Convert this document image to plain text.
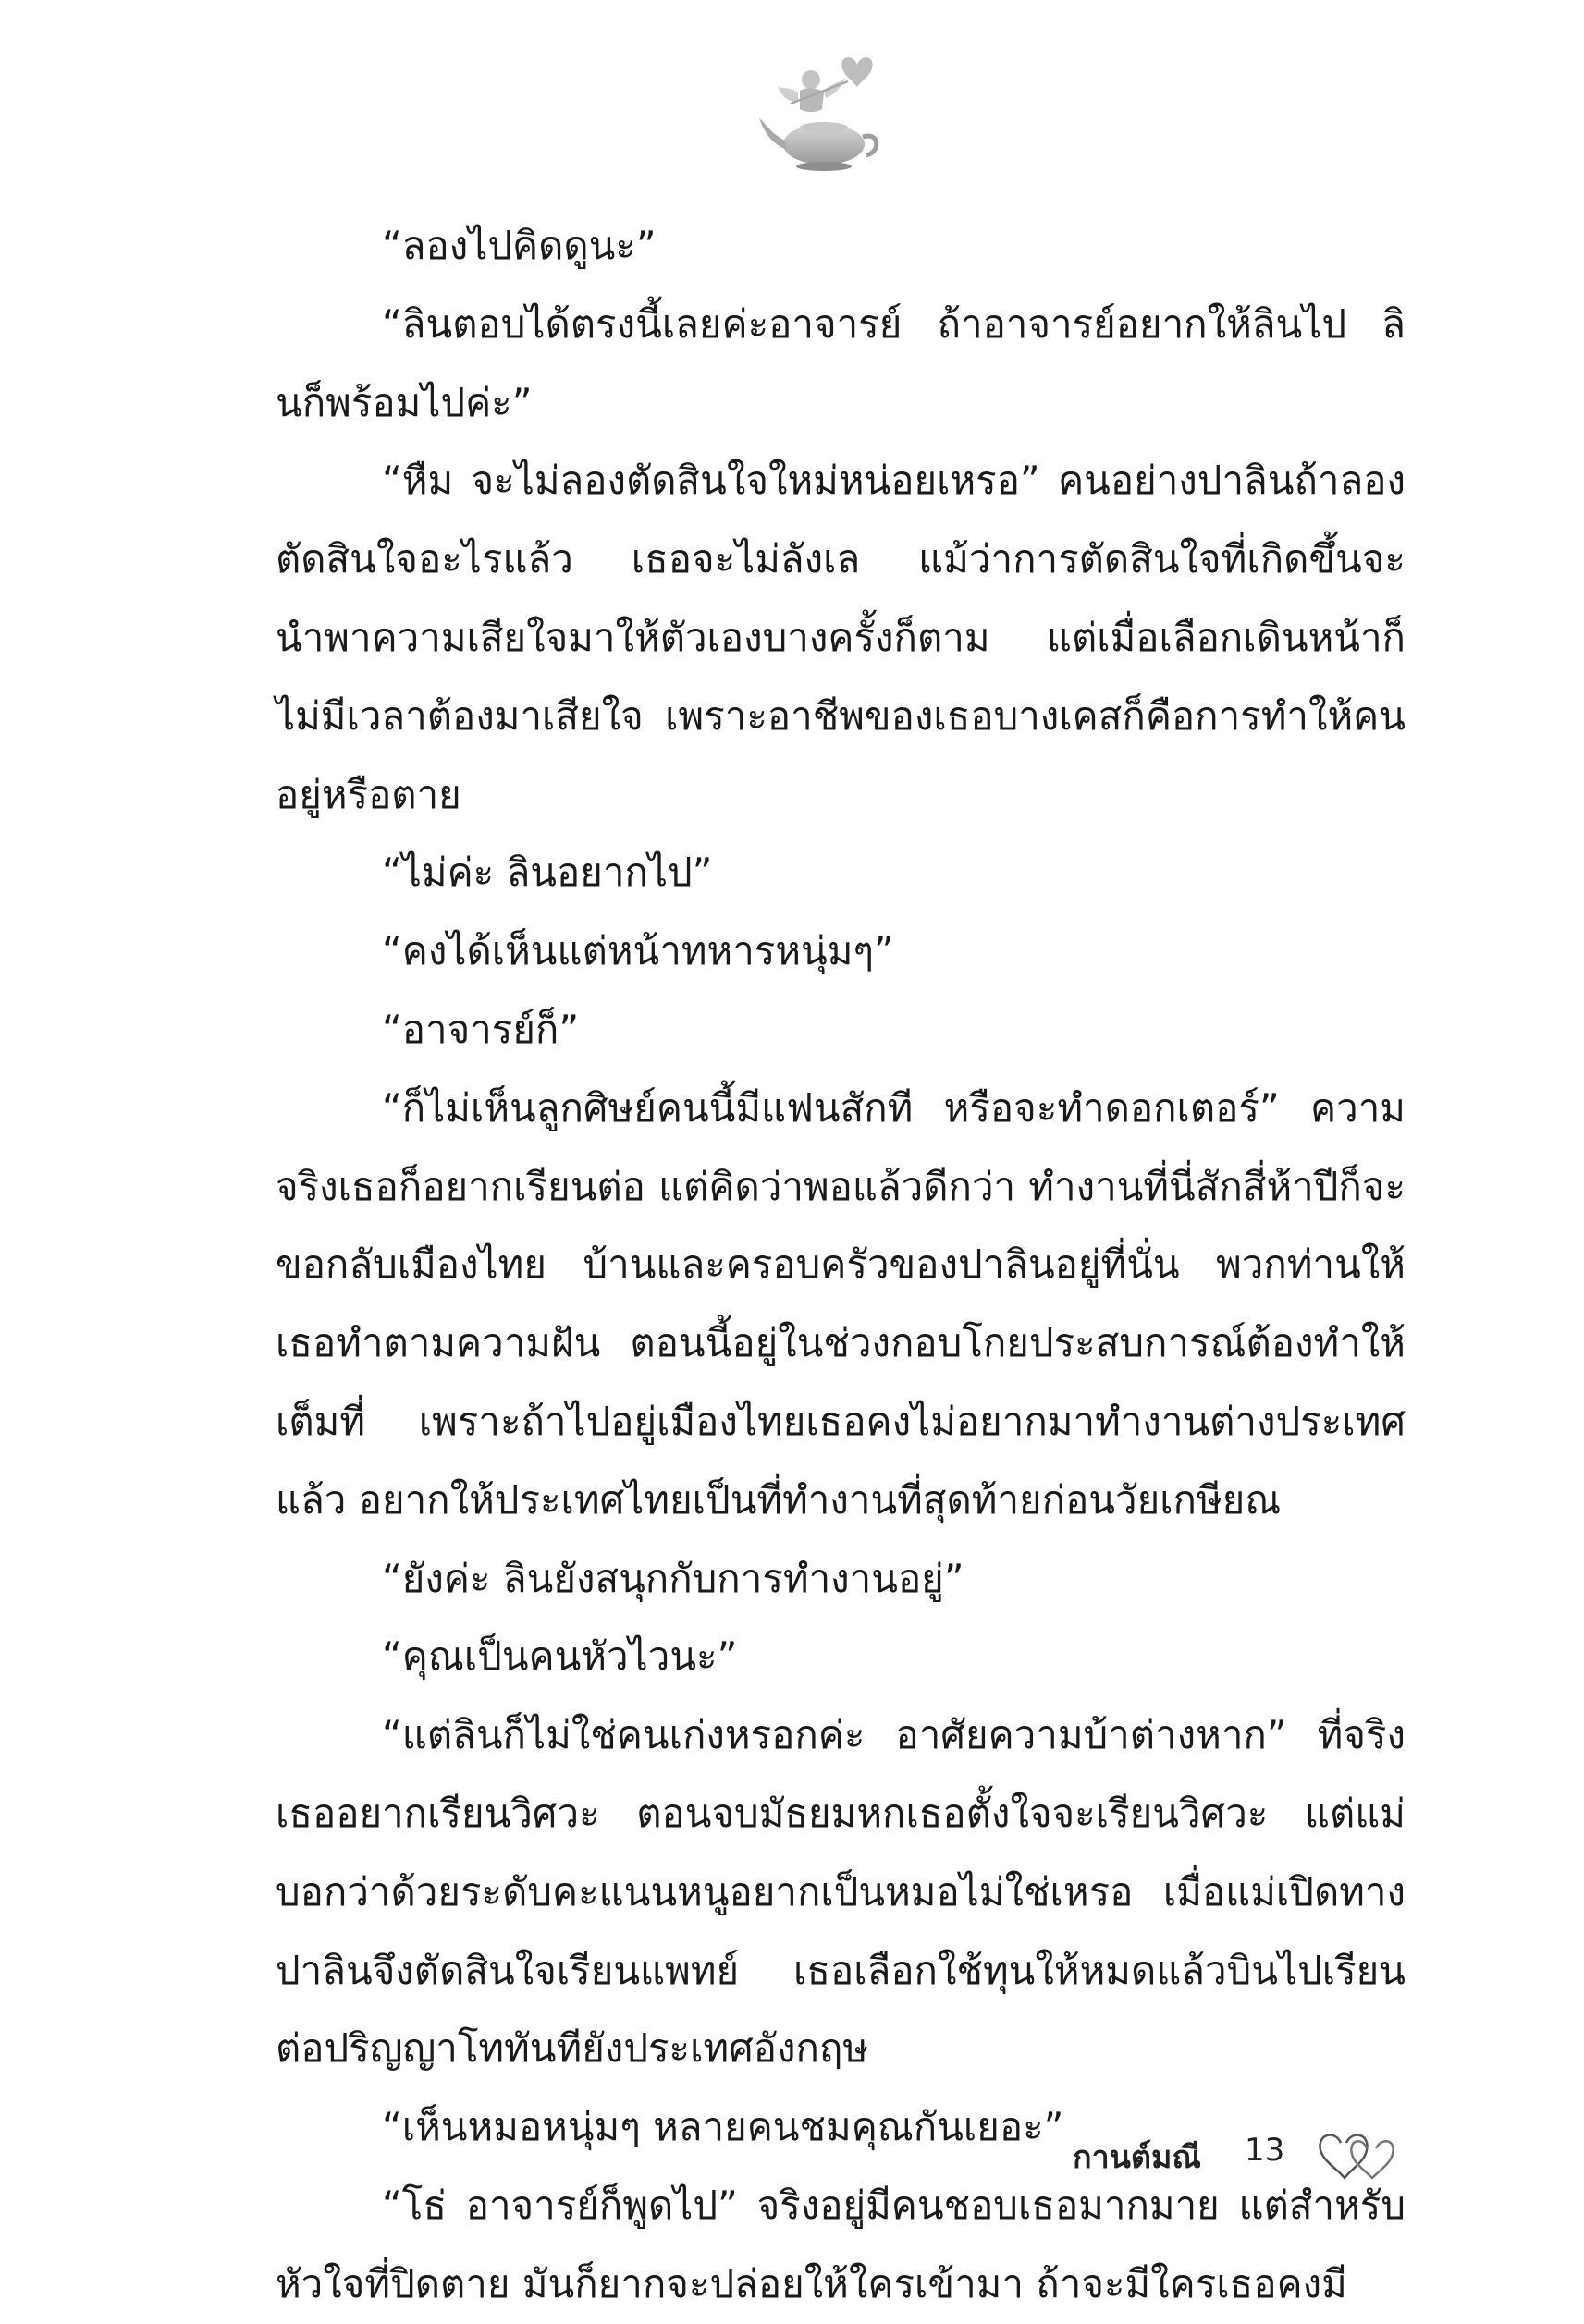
“ลองไปคิดดูนะ”

“ลินตอบได้ตรงนี้เลยค่ะอาจารย์ ถ้าอาจารย์อยากให้ลินไป ลินก็พร้อมไปค่ะ”

“หืม จะไม่ลองตัดสินใจใหม่หน่อยเหรอ” คนอย่างปาลินถ้าลองตัดสินใจอะไรแล้ว เธอจะไม่ลังเล แม้ว่าการตัดสินใจที่เกิดขึ้นจะนำพาความเสียใจมาให้ตัวเองบางครั้งก็ตาม แต่เมื่อเลือกเดินหน้าก็ไม่มีเวลาต้องมาเสียใจ เพราะอาชีพของเธอบางเคสก็คือการทำให้คนอยู่หรือตาย

“ไม่ค่ะ ลินอยากไป”

“คงได้เห็นแต่หน้าทหารหนุ่มๆ”

“อาจารย์ก็”

“ก็ไม่เห็นลูกศิษย์คนนี้มีแฟนสักที หรือจะทำดอกเตอร์” ความจริงเธอก็อยากเรียนต่อ แต่คิดว่าพอแล้วดีกว่า ทำงานที่นี่สักสี่ห้าปีก็จะขอกลับเมืองไทย บ้านและครอบครัวของปาลินอยู่ที่นั่น พวกท่านให้เธอทำตามความฝัน ตอนนี้อยู่ในช่วงกอบโกยประสบการณ์ต้องทำให้เต็มที่ เพราะถ้าไปอยู่เมืองไทยเธอคงไม่อยากมาทำงานต่างประเทศแล้ว อยากให้ประเทศไทยเป็นที่ทำงานที่สุดท้ายก่อนวัยเกษียณ

“ยังค่ะ ลินยังสนุกกับการทำงานอยู่”

“คุณเป็นคนหัวไวนะ”

“แต่ลินก็ไม่ใช่คนเก่งหรอกค่ะ อาศัยความบ้าต่างหาก” ที่จริงเธออยากเรียนวิศวะ ตอนจบมัธยมหกเธอตั้งใจจะเรียนวิศวะ แต่แม่บอกว่าด้วยระดับคะแนนหนูอยากเป็นหมอไม่ใช่เหรอ เมื่อแม่เปิดทางปาลินจึงตัดสินใจเรียนแพทย์ เธอเลือกใช้ทุนให้หมดแล้วบินไปเรียนต่อปริญญาโททันทียังประเทศอังกฤษ

“เห็นหมอหนุ่มๆ หลายคนชมคุณกันเยอะ”

“โธ่ อาจารย์ก็พูดไป” จริงอยู่มีคนชอบเธอมากมาย แต่สำหรับหัวใจที่ปิดตาย มันก็ยากจะปล่อยให้ใครเข้ามา ถ้าจะมีใครเธอคงมี

กานต์มณี 13
